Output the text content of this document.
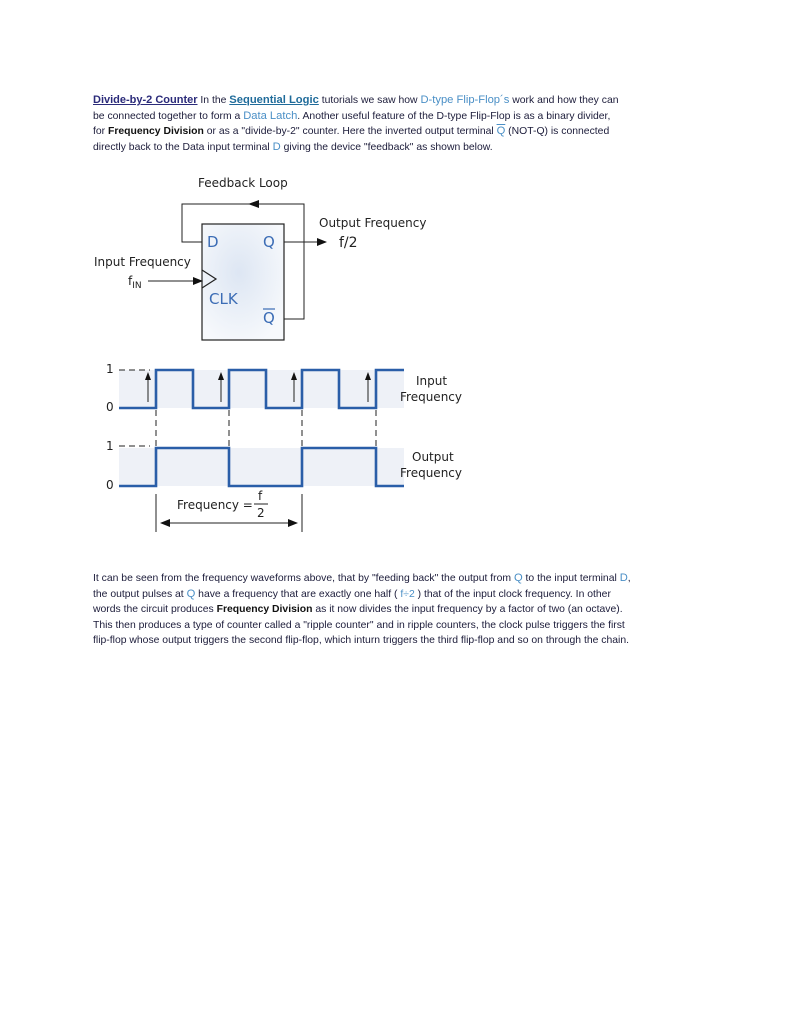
Divide-by-2 Counter In the Sequential Logic tutorials we saw how D-type Flip-Flop´s work and how they can
be connected together to form a Data Latch. Another useful feature of the D-type Flip-Flop is as a binary divider,
for Frequency Division or as a "divide-by-2" counter. Here the inverted output terminal $\overline{Q}$ (NOT-Q) is connected
directly back to the Data input terminal D giving the device "feedback" as shown below.
D	Q
CLK
Q
Feedback Loop
Output Frequency
f/2
Input Frequency
$f_{IN}$
1
0
1
0
Input
Frequency
Output
Frequency
Frequency =
f
2
It can be seen from the frequency waveforms above, that by "feeding back" the output from Q to the input terminal D,
the output pulses at Q have a frequency that are exactly one half ( f÷2 ) that of the input clock frequency. In other
words the circuit produces Frequency Division as it now divides the input frequency by a factor of two (an octave).
This then produces a type of counter called a "ripple counter" and in ripple counters, the clock pulse triggers the first
flip-flop whose output triggers the second flip-flop, which inturn triggers the third flip-flop and so on through the chain.
